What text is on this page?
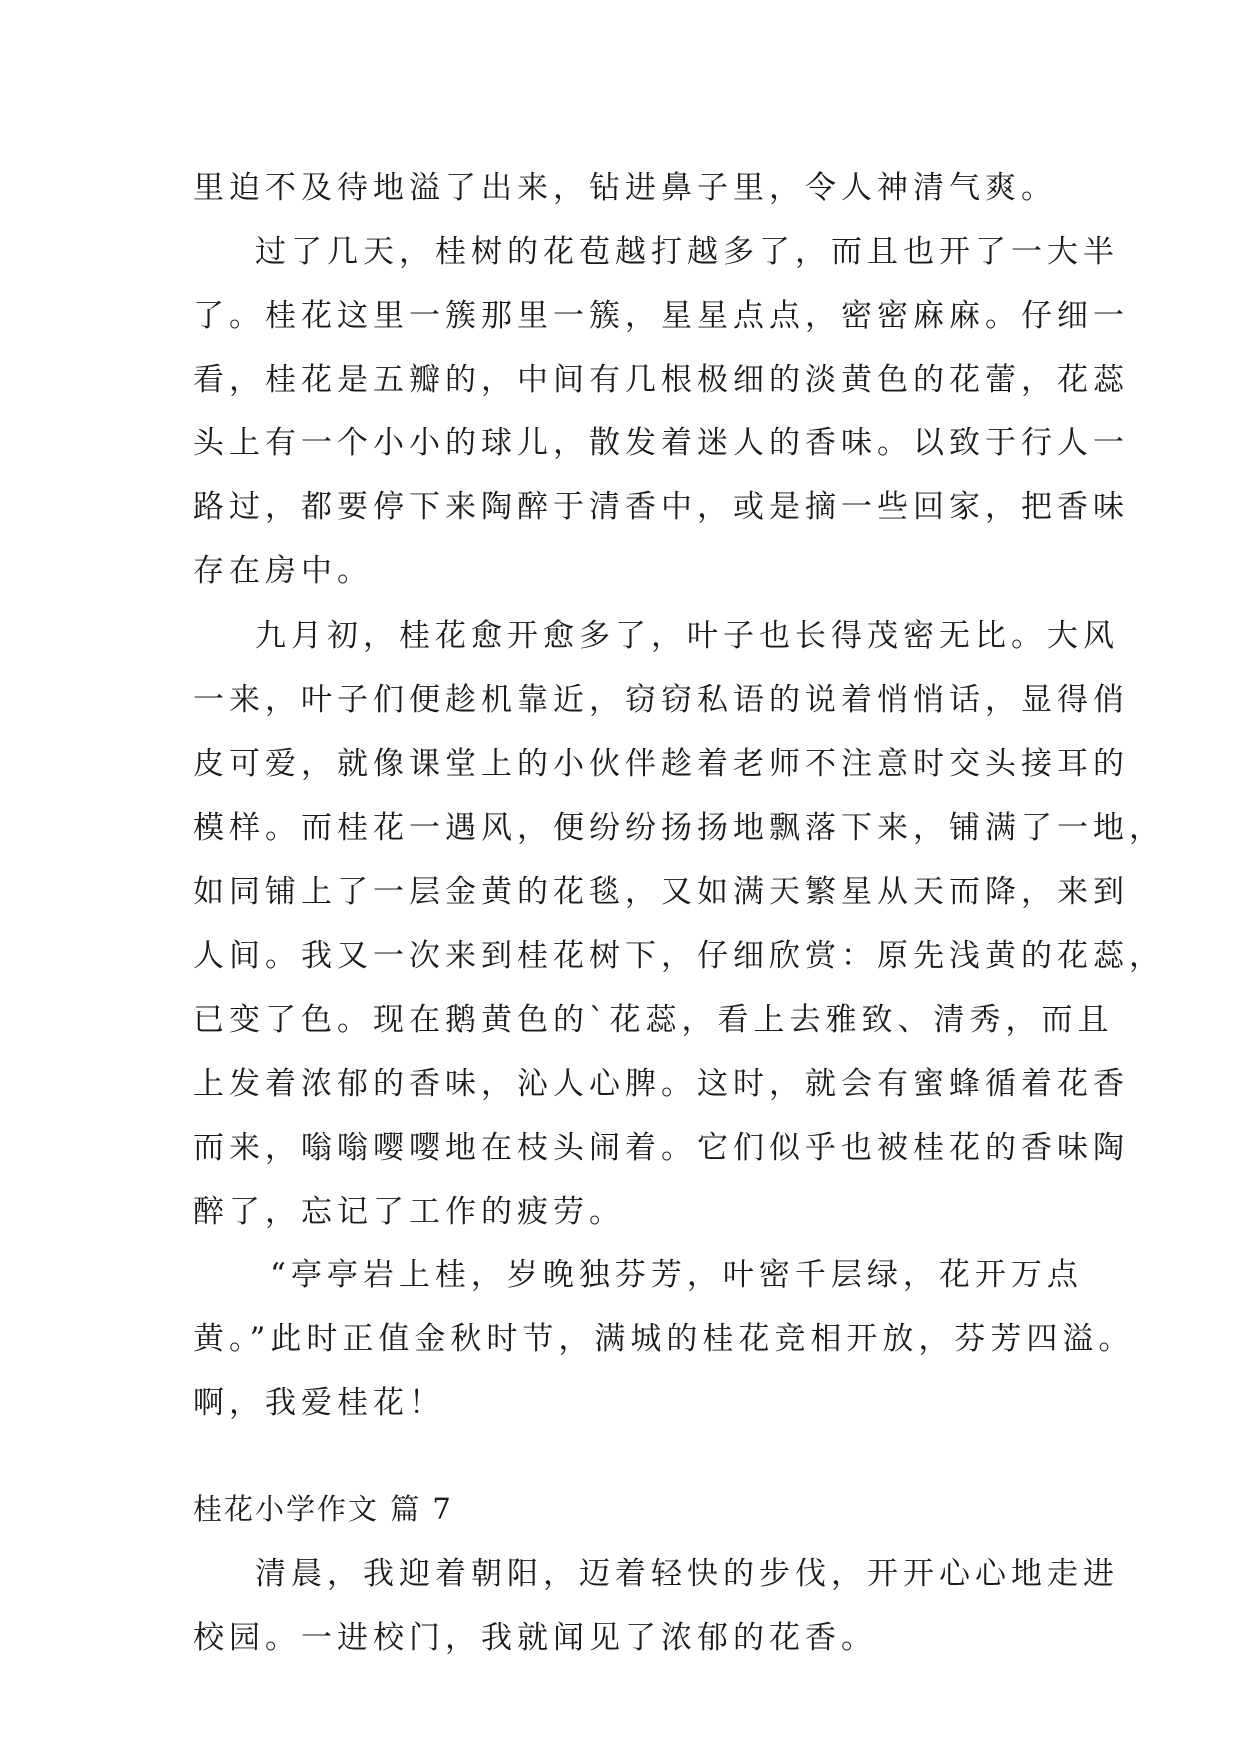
里迫不及待地溢了出来，钻进鼻子里，令人神清气爽。
过了几天，桂树的花苞越打越多了，而且也开了一大半
了。桂花这里一簇那里一簇，星星点点，密密麻麻。仔细一
看，桂花是五瓣的，中间有几根极细的淡黄色的花蕾，花蕊
头上有一个小小的球儿，散发着迷人的香味。以致于行人一
路过，都要停下来陶醉于清香中，或是摘一些回家，把香味
存在房中。
九月初，桂花愈开愈多了，叶子也长得茂密无比。大风
一来，叶子们便趁机靠近，窃窃私语的说着悄悄话，显得俏
皮可爱，就像课堂上的小伙伴趁着老师不注意时交头接耳的
模样。而桂花一遇风，便纷纷扬扬地飘落下来，铺满了一地，
如同铺上了一层金黄的花毯，又如满天繁星从天而降，来到
人间。我又一次来到桂花树下，仔细欣赏：原先浅黄的花蕊，
已变了色。现在鹅黄色的`花蕊，看上去雅致、清秀，而且
上发着浓郁的香味，沁人心脾。这时，就会有蜜蜂循着花香
而来，嗡嗡嘤嘤地在枝头闹着。它们似乎也被桂花的香味陶
醉了，忘记了工作的疲劳。
“亭亭岩上桂，岁晚独芬芳，叶密千层绿，花开万点
黄。”此时正值金秋时节，满城的桂花竞相开放，芬芳四溢。
啊，我爱桂花！
桂花小学作文 篇 7
清晨，我迎着朝阳，迈着轻快的步伐，开开心心地走进
校园。一进校门，我就闻见了浓郁的花香。
